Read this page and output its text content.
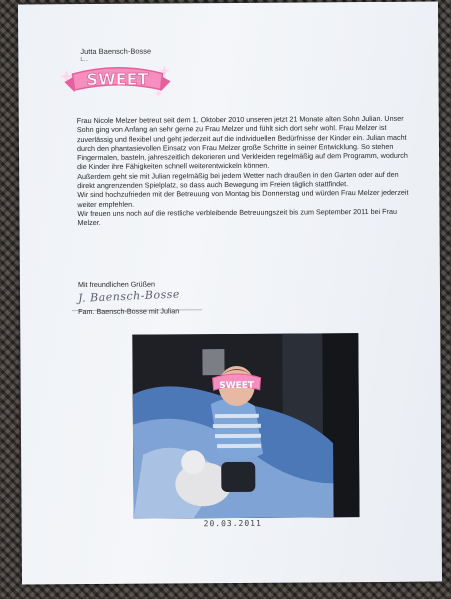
Jutta Baensch-Bosse
L...
SWEET

Frau Nicole Melzer betreut seit dem 1. Oktober 2010 unseren jetzt 21 Monate alten Sohn Julian. Unser Sohn ging von Anfang an sehr gerne zu Frau Melzer und fühlt sich dort sehr wohl. Frau Melzer ist zuverlässig und flexibel und geht jederzeit auf die individuellen Bedürfnisse der Kinder ein. Julian macht durch den phantasievollen Einsatz von Frau Melzer große Schritte in seiner Entwicklung. So stehen Fingermalen, basteln, jahreszeitlich dekorieren und Verkleiden regelmäßig auf dem Programm, wodurch die Kinder ihre Fähigkeiten schnell weiterentwickeln können.

Außerdem geht sie mit Julian regelmäßig bei jedem Wetter nach draußen in den Garten oder auf den direkt angrenzenden Spielplatz, so dass auch Bewegung im Freien täglich stattfindet.

Wir sind hochzufrieden mit der Betreuung von Montag bis Donnerstag und würden Frau Melzer jederzeit weiter empfehlen.

Wir freuen uns noch auf die restliche verbleibende Betreuungszeit bis zum September 2011 bei Frau Melzer.

Mit freundlichen Grüßen
J. Baensch-Bosse
Fam. Baensch-Bosse mit Julian
SWEET
20.03.2011
